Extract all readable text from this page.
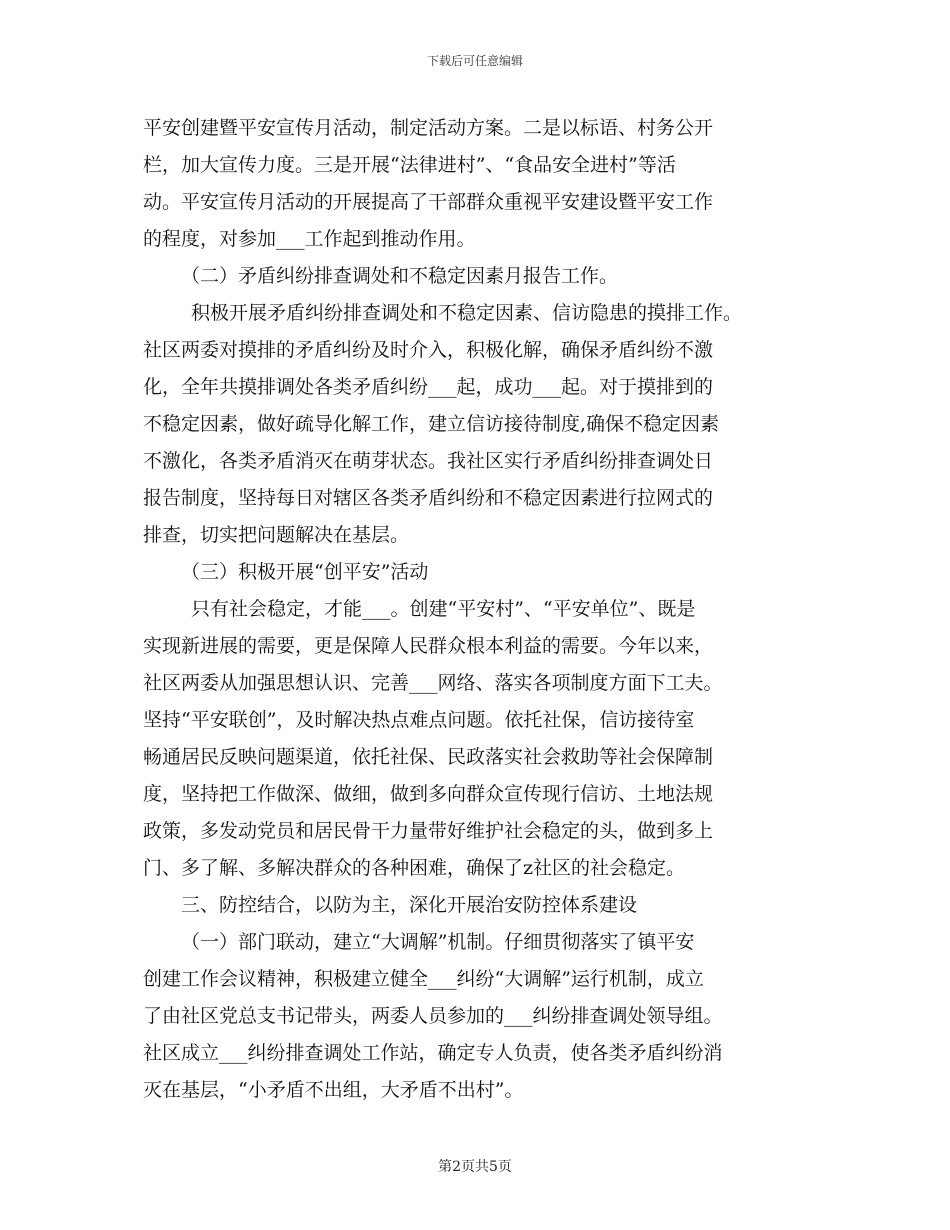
下载后可任意编辑
平安创建暨平安宣传月活动，制定活动方案。二是以标语、村务公开
栏，加大宣传力度。三是开展“法律进村”、“食品安全进村”等活
动。平安宣传月活动的开展提高了干部群众重视平安建设暨平安工作
的程度，对参加___工作起到推动作用。
（二）矛盾纠纷排查调处和不稳定因素月报告工作。
积极开展矛盾纠纷排查调处和不稳定因素、信访隐患的摸排工作。
社区两委对摸排的矛盾纠纷及时介入，积极化解，确保矛盾纠纷不激
化，全年共摸排调处各类矛盾纠纷___起，成功___起。对于摸排到的
不稳定因素，做好疏导化解工作，建立信访接待制度,确保不稳定因素
不激化，各类矛盾消灭在萌芽状态。我社区实行矛盾纠纷排查调处日
报告制度，坚持每日对辖区各类矛盾纠纷和不稳定因素进行拉网式的
排查，切实把问题解决在基层。
（三）积极开展“创平安”活动
只有社会稳定，才能___。创建“平安村”、“平安单位”、既是
实现新进展的需要，更是保障人民群众根本利益的需要。今年以来，
社区两委从加强思想认识、完善___网络、落实各项制度方面下工夫。
坚持“平安联创”，及时解决热点难点问题。依托社保，信访接待室
畅通居民反映问题渠道，依托社保、民政落实社会救助等社会保障制
度，坚持把工作做深、做细，做到多向群众宣传现行信访、土地法规
政策，多发动党员和居民骨干力量带好维护社会稳定的头，做到多上
门、多了解、多解决群众的各种困难，确保了z社区的社会稳定。
三、防控结合，以防为主，深化开展治安防控体系建设
（一）部门联动，建立“大调解”机制。仔细贯彻落实了镇平安
创建工作会议精神，积极建立健全___纠纷“大调解”运行机制，成立
了由社区党总支书记带头，两委人员参加的___纠纷排查调处领导组。
社区成立___纠纷排查调处工作站，确定专人负责，使各类矛盾纠纷消
灭在基层，“小矛盾不出组，大矛盾不出村”。
第2页共5页
